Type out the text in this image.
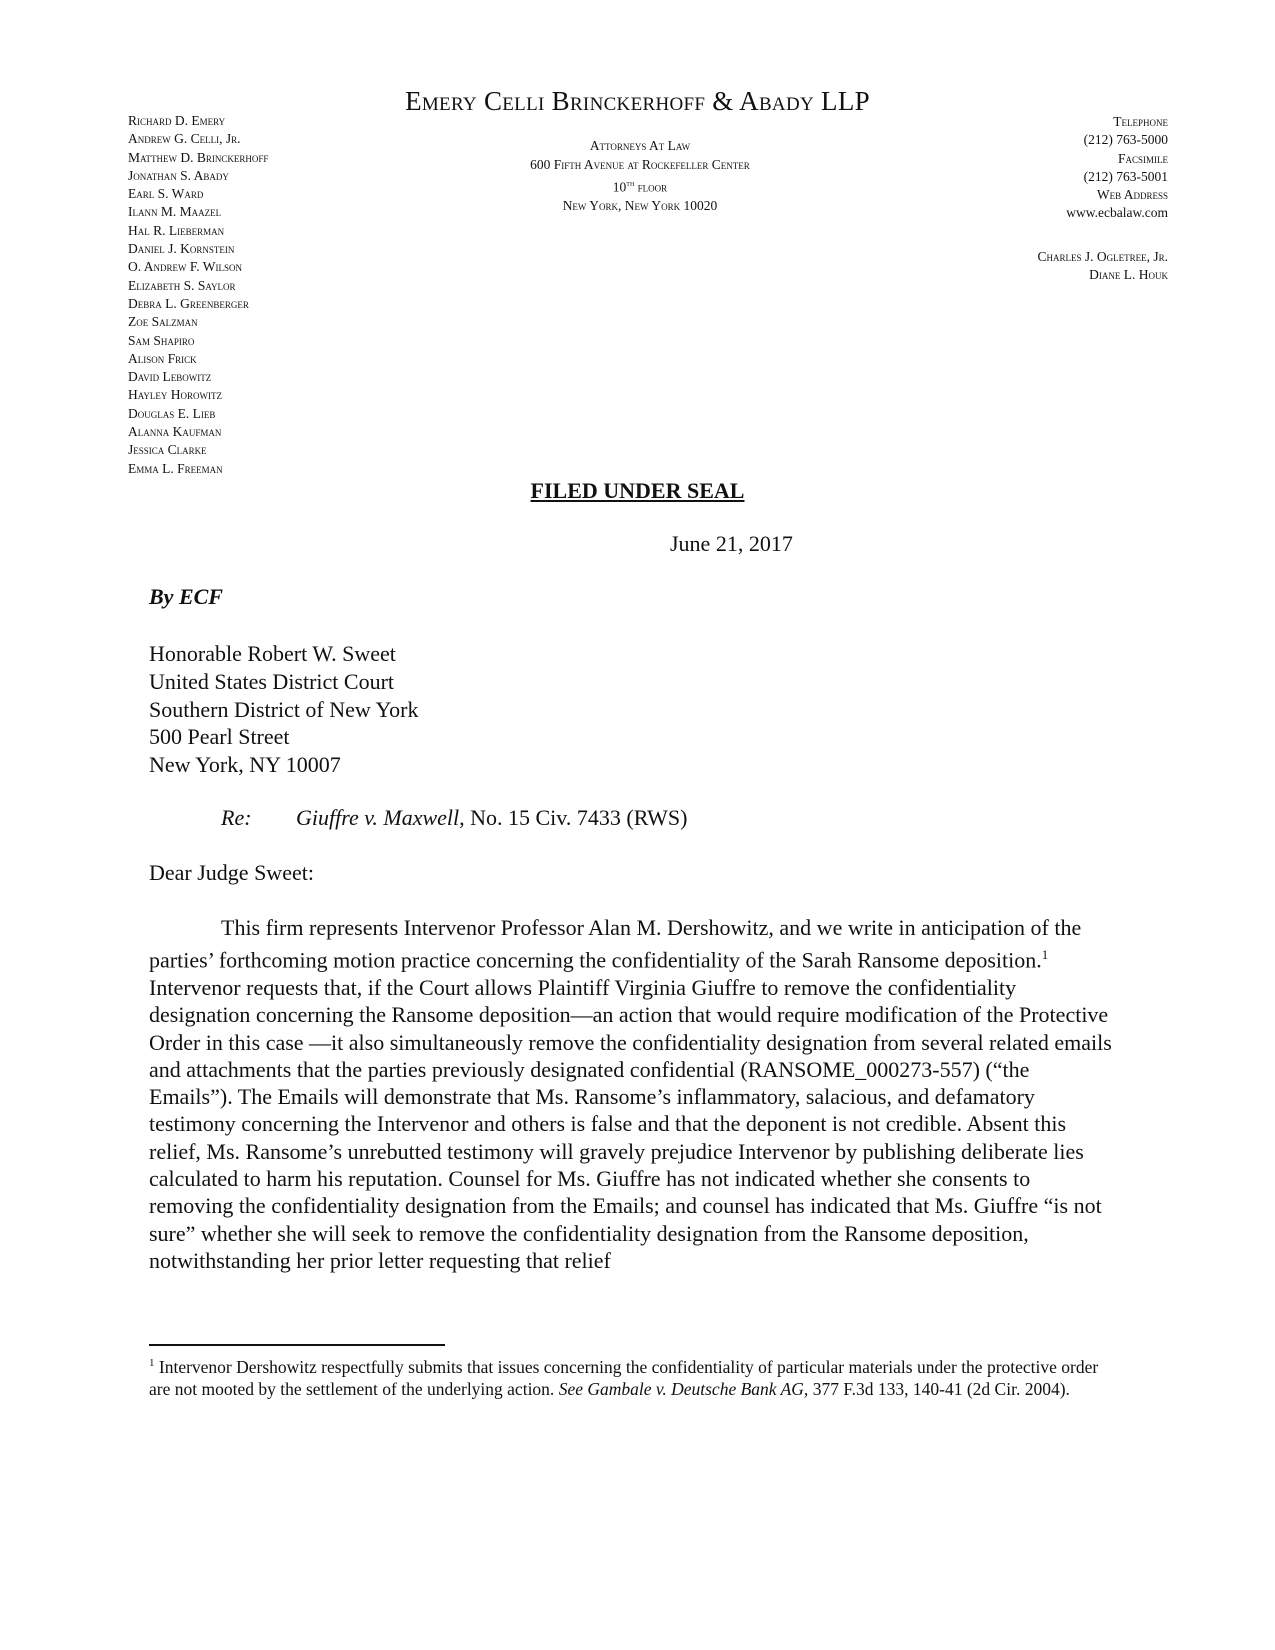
Emery Celli Brinckerhoff & Abady LLP
Richard D. Emery
Andrew G. Celli, Jr.
Matthew D. Brinckerhoff
Jonathan S. Abady
Earl S. Ward
Ilann M. Maazel
Hal R. Lieberman
Daniel J. Kornstein
O. Andrew F. Wilson
Elizabeth S. Saylor
Debra L. Greenberger
Zoe Salzman
Sam Shapiro
Alison Frick
David Lebowitz
Hayley Horowitz
Douglas E. Lieb
Alanna Kaufman
Jessica Clarke
Emma L. Freeman
Attorneys At Law
600 Fifth Avenue at Rockefeller Center
10th floor
New York, New York 10020
Telephone
(212) 763-5000
Facsimile
(212) 763-5001
Web Address
www.ecbalaw.com
Charles J. Ogletree, Jr.
Diane L. Houk
FILED UNDER SEAL
June 21, 2017
By ECF
Honorable Robert W. Sweet
United States District Court
Southern District of New York
500 Pearl Street
New York, NY 10007
Re: Giuffre v. Maxwell, No. 15 Civ. 7433 (RWS)
Dear Judge Sweet:

This firm represents Intervenor Professor Alan M. Dershowitz, and we write in anticipation of the parties’ forthcoming motion practice concerning the confidentiality of the Sarah Ransome deposition.$^1$ Intervenor requests that, if the Court allows Plaintiff Virginia Giuffre to remove the confidentiality designation concerning the Ransome deposition—an action that would require modification of the Protective Order in this case —it also simultaneously remove the confidentiality designation from several related emails and attachments that the parties previously designated confidential (RANSOME_000273-557) (“the Emails”). The Emails will demonstrate that Ms. Ransome’s inflammatory, salacious, and defamatory testimony concerning the Intervenor and others is false and that the deponent is not credible. Absent this relief, Ms. Ransome’s unrebutted testimony will gravely prejudice Intervenor by publishing deliberate lies calculated to harm his reputation. Counsel for Ms. Giuffre has not indicated whether she consents to removing the confidentiality designation from the Emails; and counsel has indicated that Ms. Giuffre “is not sure” whether she will seek to remove the confidentiality designation from the Ransome deposition, notwithstanding her prior letter requesting that relief

$^1$ Intervenor Dershowitz respectfully submits that issues concerning the confidentiality of particular materials under the protective order are not mooted by the settlement of the underlying action. See Gambale v. Deutsche Bank AG, 377 F.3d 133, 140-41 (2d Cir. 2004).
